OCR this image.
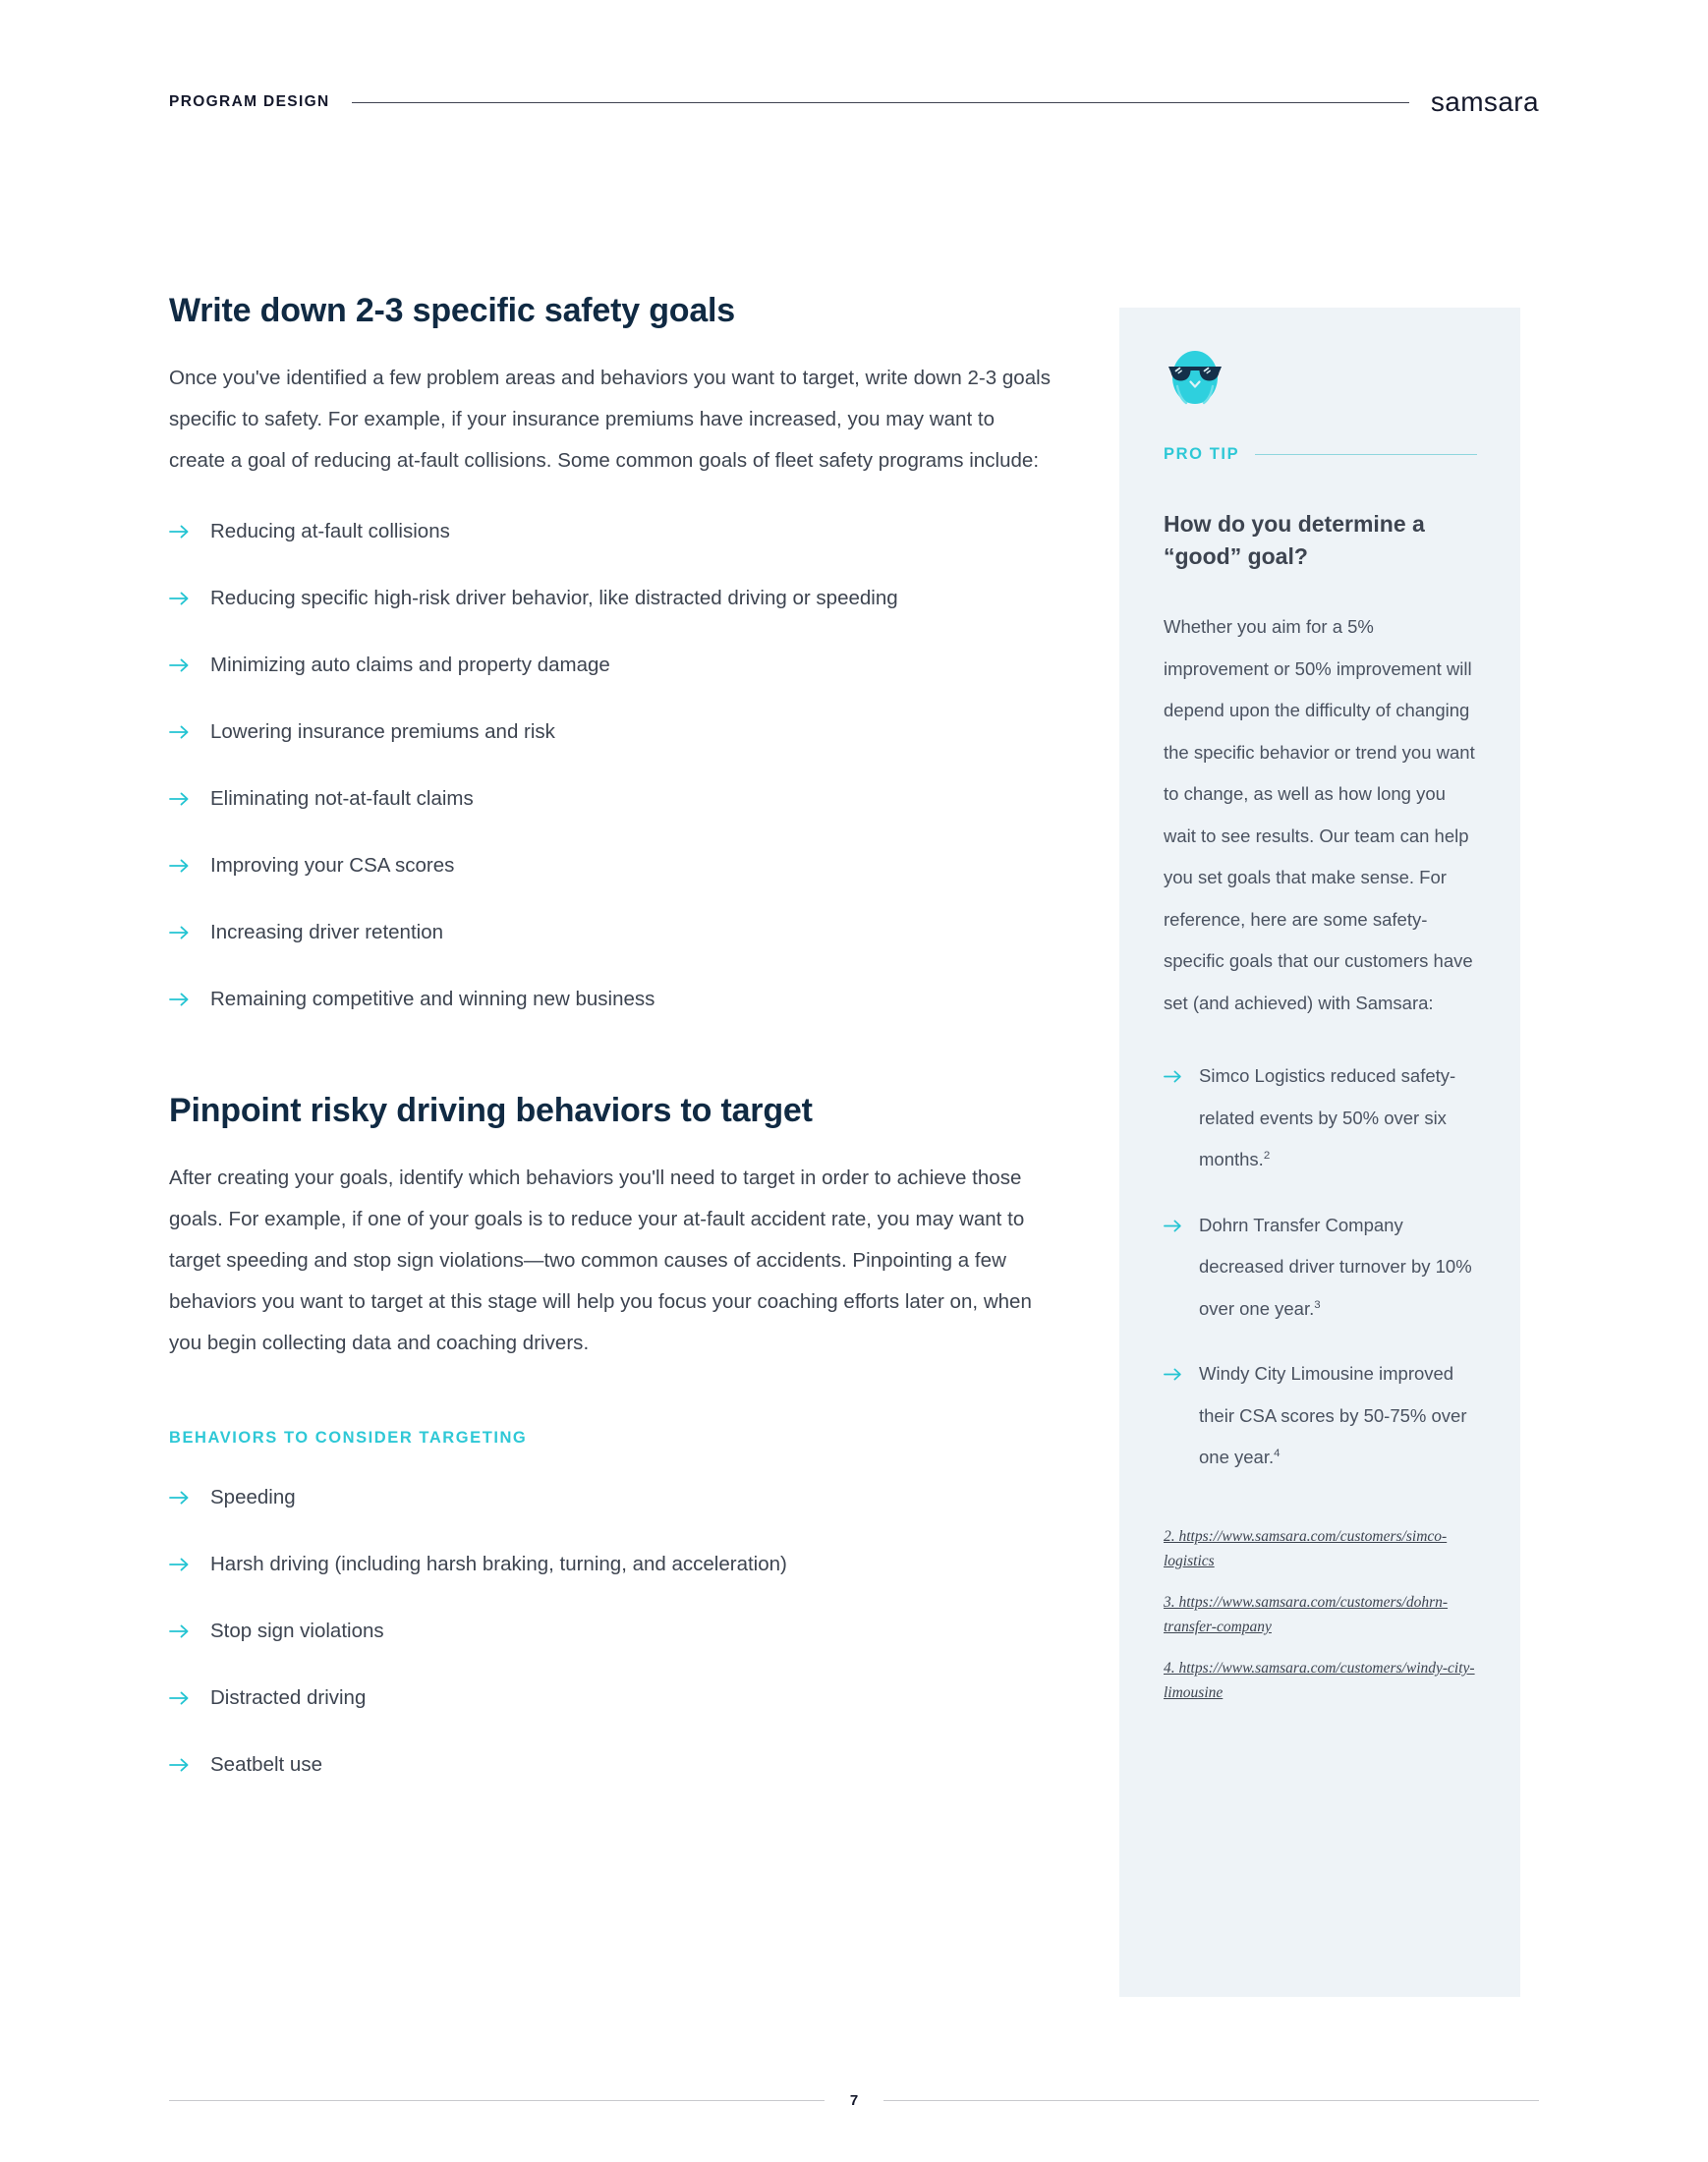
PROGRAM DESIGN	samsara
Write down 2-3 specific safety goals

Once you've identified a few problem areas and behaviors you want to target, write down 2-3 goals specific to safety. For example, if your insurance premiums have increased, you may want to create a goal of reducing at-fault collisions. Some common goals of fleet safety programs include:

Reducing at-fault collisions
Reducing specific high-risk driver behavior, like distracted driving or speeding
Minimizing auto claims and property damage
Lowering insurance premiums and risk
Eliminating not-at-fault claims
Improving your CSA scores
Increasing driver retention
Remaining competitive and winning new business
Pinpoint risky driving behaviors to target

After creating your goals, identify which behaviors you'll need to target in order to achieve those goals. For example, if one of your goals is to reduce your at-fault accident rate, you may want to target speeding and stop sign violations—two common causes of accidents. Pinpointing a few behaviors you want to target at this stage will help you focus your coaching efforts later on, when you begin collecting data and coaching drivers.

BEHAVIORS TO CONSIDER TARGETING
Speeding
Harsh driving (including harsh braking, turning, and acceleration)
Stop sign violations
Distracted driving
Seatbelt use
PRO TIP
How do you determine a “good” goal?

Whether you aim for a 5% improvement or 50% improvement will depend upon the difficulty of changing the specific behavior or trend you want to change, as well as how long you wait to see results. Our team can help you set goals that make sense. For reference, here are some safety-specific goals that our customers have set (and achieved) with Samsara:

Simco Logistics reduced safety-related events by 50% over six months.$^2$
Dohrn Transfer Company decreased driver turnover by 10% over one year.$^3$
Windy City Limousine improved their CSA scores by 50-75% over one year.$^4$
2. https://www.samsara.com/customers/simco-logistics
3. https://www.samsara.com/customers/dohrn-transfer-company
4. https://www.samsara.com/customers/windy-city-limousine
7
